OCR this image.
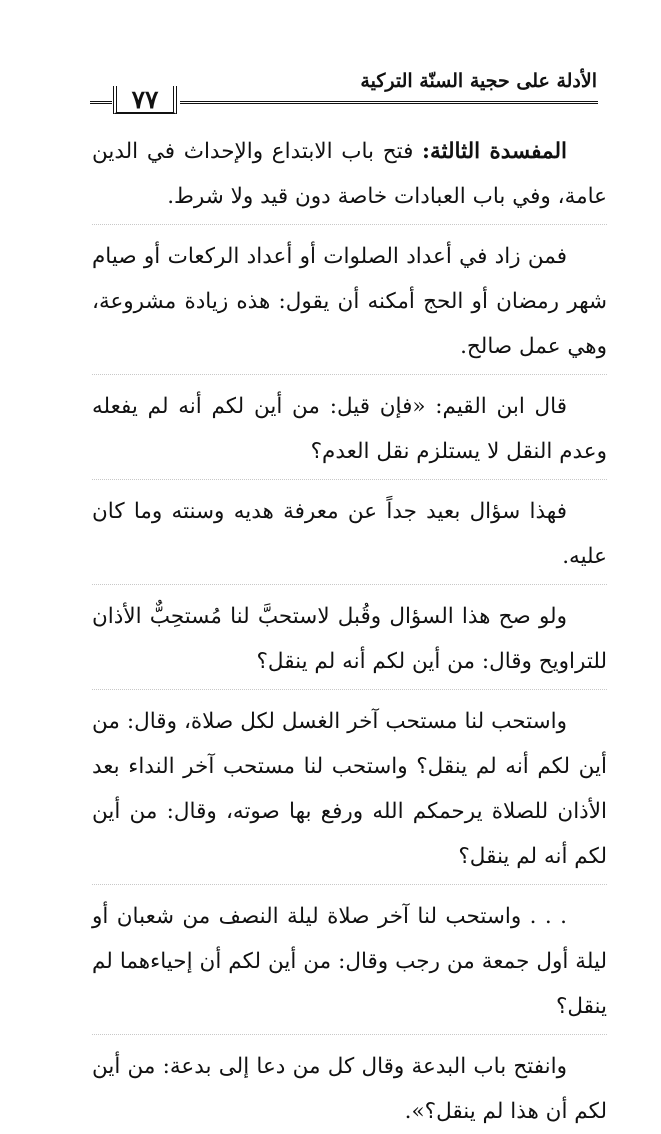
الأدلة على حجية السنّة التركية
٧٧

المفسدة الثالثة: فتح باب الابتداع والإحداث في الدين عامة، وفي باب العبادات خاصة دون قيد ولا شرط.

فمن زاد في أعداد الصلوات أو أعداد الركعات أو صيام شهر رمضان أو الحج أمكنه أن يقول: هذه زيادة مشروعة، وهي عمل صالح.

قال ابن القيم: «فإن قيل: من أين لكم أنه لم يفعله وعدم النقل لا يستلزم نقل العدم؟

فهذا سؤال بعيد جداً عن معرفة هديه وسنته وما كان عليه.

ولو صح هذا السؤال وقُبل لاستحبَّ لنا مُستحِبٌّ الأذان للتراويح وقال: من أين لكم أنه لم ينقل؟

واستحب لنا مستحب آخر الغسل لكل صلاة، وقال: من أين لكم أنه لم ينقل؟ واستحب لنا مستحب آخر النداء بعد الأذان للصلاة يرحمكم الله ورفع بها صوته، وقال: من أين لكم أنه لم ينقل؟

. . . واستحب لنا آخر صلاة ليلة النصف من شعبان أو ليلة أول جمعة من رجب وقال: من أين لكم أن إحياءهما لم ينقل؟

وانفتح باب البدعة وقال كل من دعا إلى بدعة: من أين لكم أن هذا لم ينقل؟».
